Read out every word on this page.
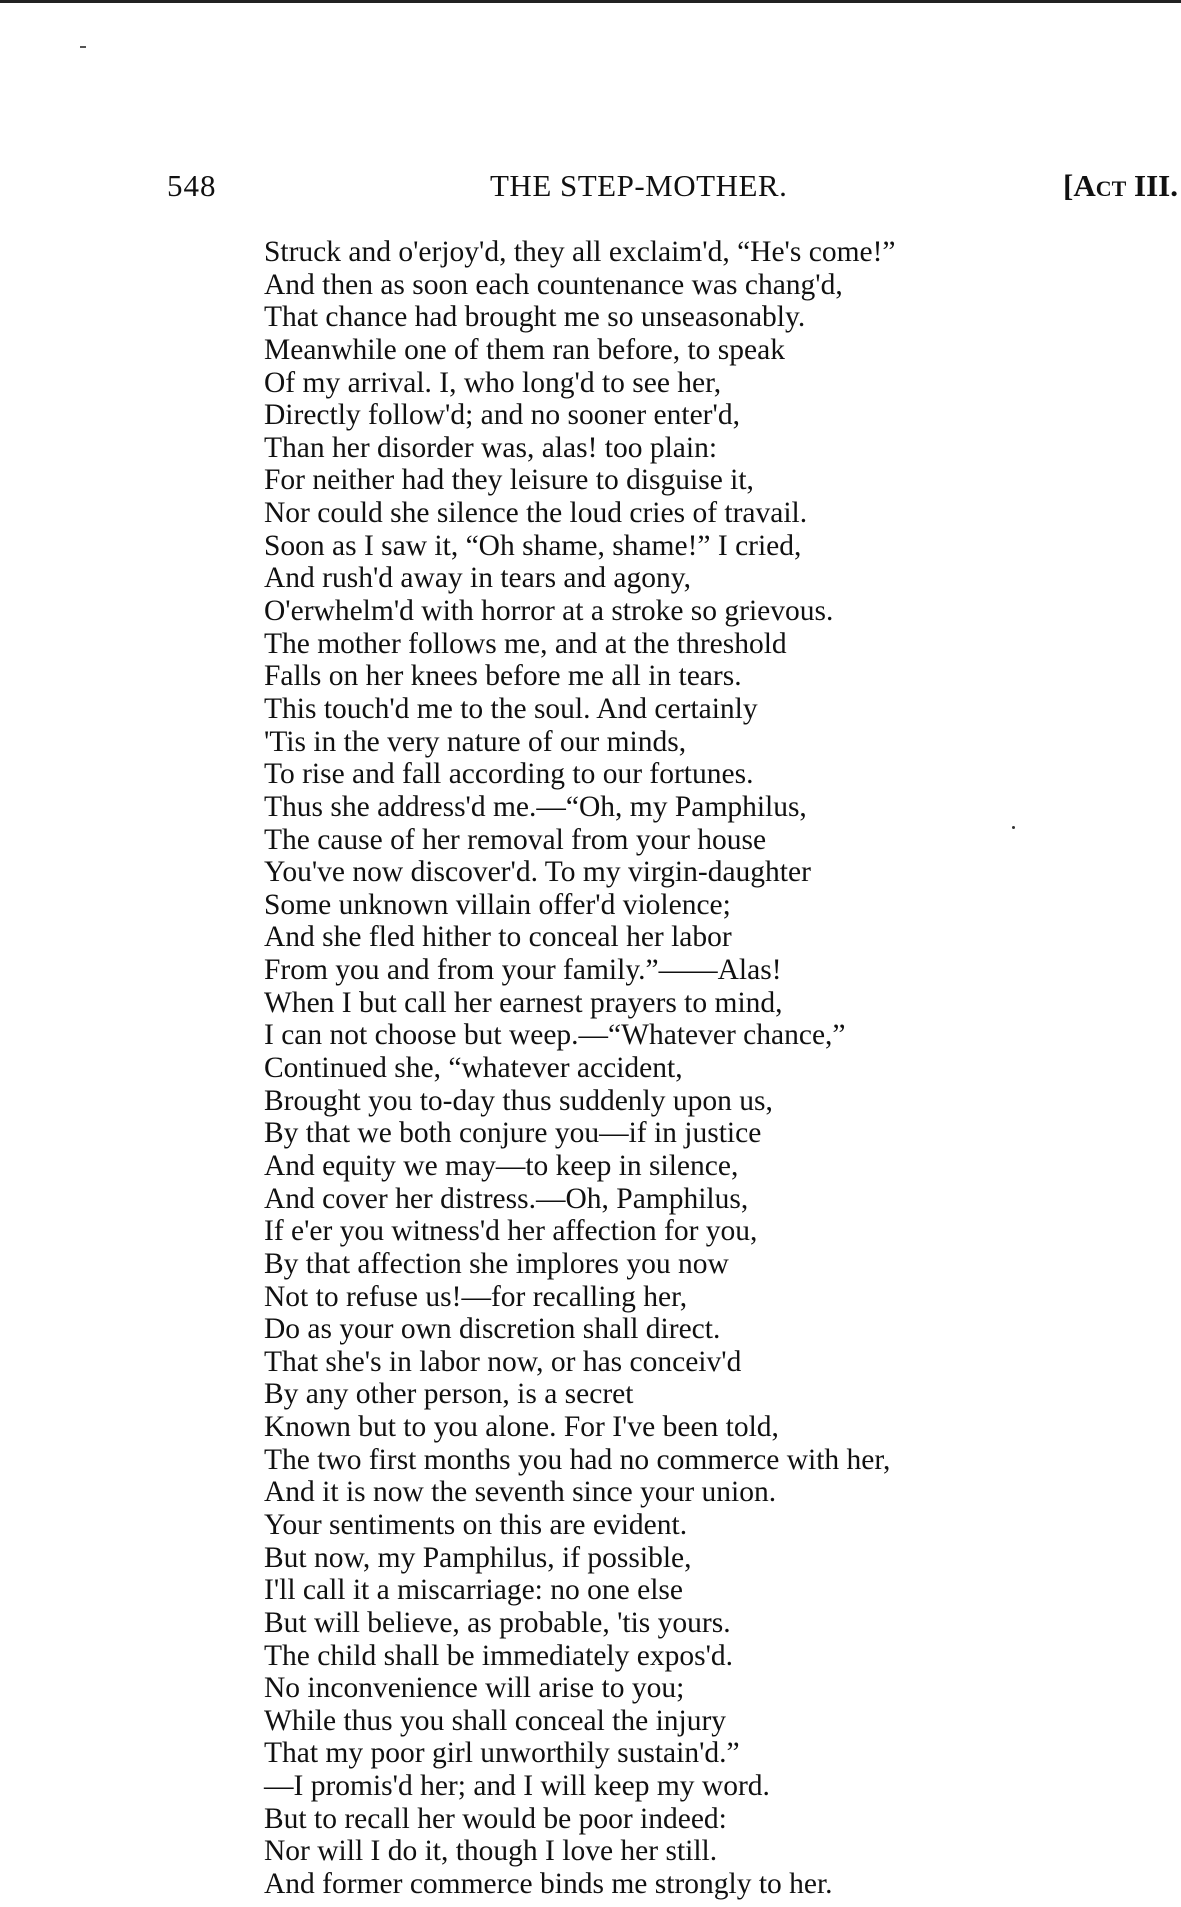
548	THE STEP-MOTHER.	[Act III.
Struck and o'erjoy'd, they all exclaim'd, “He's come!”
And then as soon each countenance was chang'd,
That chance had brought me so unseasonably.
Meanwhile one of them ran before, to speak
Of my arrival. I, who long'd to see her,
Directly follow'd; and no sooner enter'd,
Than her disorder was, alas! too plain:
For neither had they leisure to disguise it,
Nor could she silence the loud cries of travail.
Soon as I saw it, “Oh shame, shame!” I cried,
And rush'd away in tears and agony,
O'erwhelm'd with horror at a stroke so grievous.
The mother follows me, and at the threshold
Falls on her knees before me all in tears.
This touch'd me to the soul. And certainly
'Tis in the very nature of our minds,
To rise and fall according to our fortunes.
Thus she address'd me.—“Oh, my Pamphilus,
The cause of her removal from your house
You've now discover'd. To my virgin-daughter
Some unknown villain offer'd violence;
And she fled hither to conceal her labor
From you and from your family.”——Alas!
When I but call her earnest prayers to mind,
I can not choose but weep.—“Whatever chance,”
Continued she, “whatever accident,
Brought you to-day thus suddenly upon us,
By that we both conjure you—if in justice
And equity we may—to keep in silence,
And cover her distress.—Oh, Pamphilus,
If e'er you witness'd her affection for you,
By that affection she implores you now
Not to refuse us!—for recalling her,
Do as your own discretion shall direct.
That she's in labor now, or has conceiv'd
By any other person, is a secret
Known but to you alone. For I've been told,
The two first months you had no commerce with her,
And it is now the seventh since your union.
Your sentiments on this are evident.
But now, my Pamphilus, if possible,
I'll call it a miscarriage: no one else
But will believe, as probable, 'tis yours.
The child shall be immediately expos'd.
No inconvenience will arise to you;
While thus you shall conceal the injury
That my poor girl unworthily sustain'd.”
—I promis'd her; and I will keep my word.
But to recall her would be poor indeed:
Nor will I do it, though I love her still.
And former commerce binds me strongly to her.
